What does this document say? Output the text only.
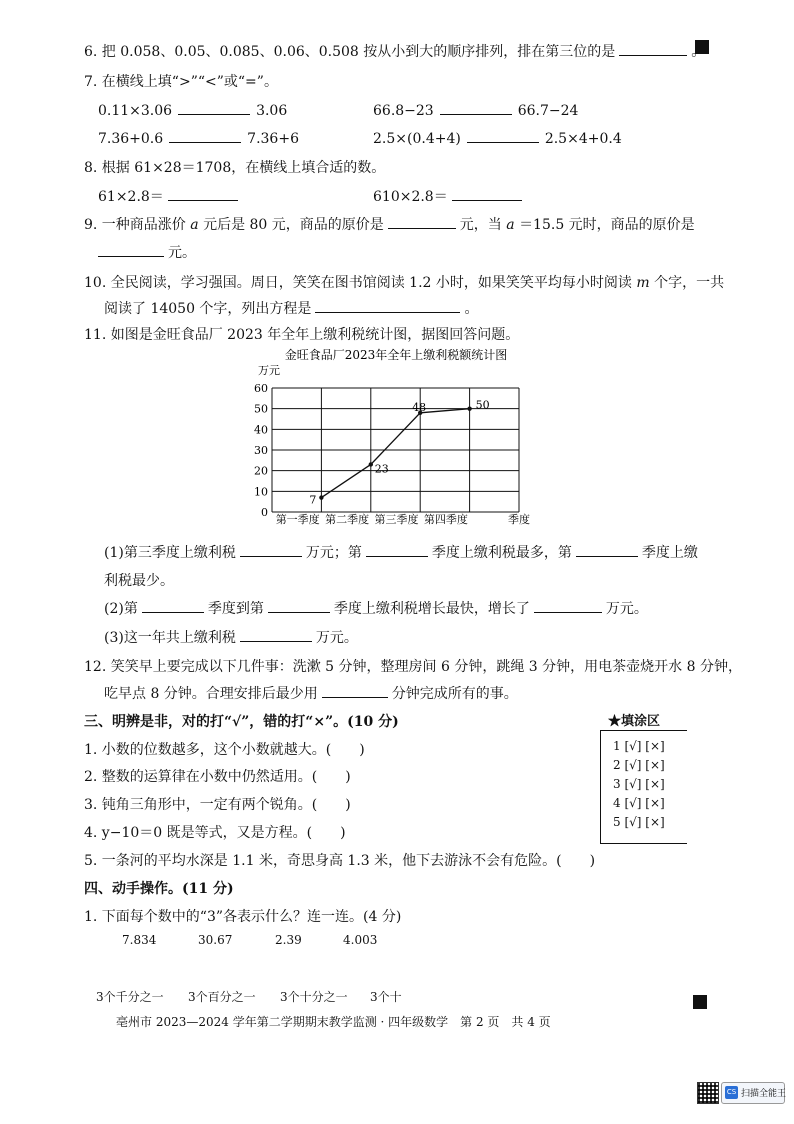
6. 把 0.058、0.05、0.085、0.06、0.508 按从小到大的顺序排列，排在第三位的是	。
7. 在横线上填“>”“<”或“=”。
0.11×3.06	3.06	66.8−23	66.7−24
7.36+0.6	7.36+6	2.5×(0.4+4)	2.5×4+0.4
8. 根据 61×28＝1708，在横线上填合适的数。
61×2.8＝	610×2.8＝
9. 一种商品涨价 a 元后是 80 元，商品的原价是	元，当 a ＝15.5 元时，商品的原价是
元。
10. 全民阅读，学习强国。周日，笑笑在图书馆阅读 1.2 小时，如果笑笑平均每小时阅读 m 个字，一共
阅读了 14050 个字，列出方程是	。
11. 如图是金旺食品厂 2023 年全年上缴利税统计图，据图回答问题。
金旺食品厂2023年全年上缴利税额统计图
万元
0
10
20
30
40
50
60
第一季度 第二季度 第三季度 第四季度	季度
7
23
48	50
(1)第三季度上缴利税	万元；第	季度上缴利税最多，第	季度上缴
利税最少。
(2)第	季度到第	季度上缴利税增长最快，增长了	万元。
(3)这一年共上缴利税	万元。
12. 笑笑早上要完成以下几件事：洗漱 5 分钟，整理房间 6 分钟，跳绳 3 分钟，用电茶壶烧开水 8 分钟，
吃早点 8 分钟。合理安排后最少用	分钟完成所有的事。
三、明辨是非，对的打“√”，错的打“×”。(10 分)
1. 小数的位数越多，这个小数就越大。(　　)
2. 整数的运算律在小数中仍然适用。(　　)
3. 钝角三角形中，一定有两个锐角。(　　)
4. y−10＝0 既是等式，又是方程。(　　)
5. 一条河的平均水深是 1.1 米，奇思身高 1.3 米，他下去游泳不会有危险。(　　)
★填涂区
1 [√] [×]
2 [√] [×]
3 [√] [×]
4 [√] [×]
5 [√] [×]
四、动手操作。(11 分)
1. 下面每个数中的“3”各表示什么？连一连。(4 分)
7.834	30.67	2.39	4.003
3个千分之一 3个百分之一 3个十分之一 3个十
亳州市 2023—2024 学年第二学期期末教学监测 · 四年级数学　第 2 页　共 4 页
CS 扫描全能王
